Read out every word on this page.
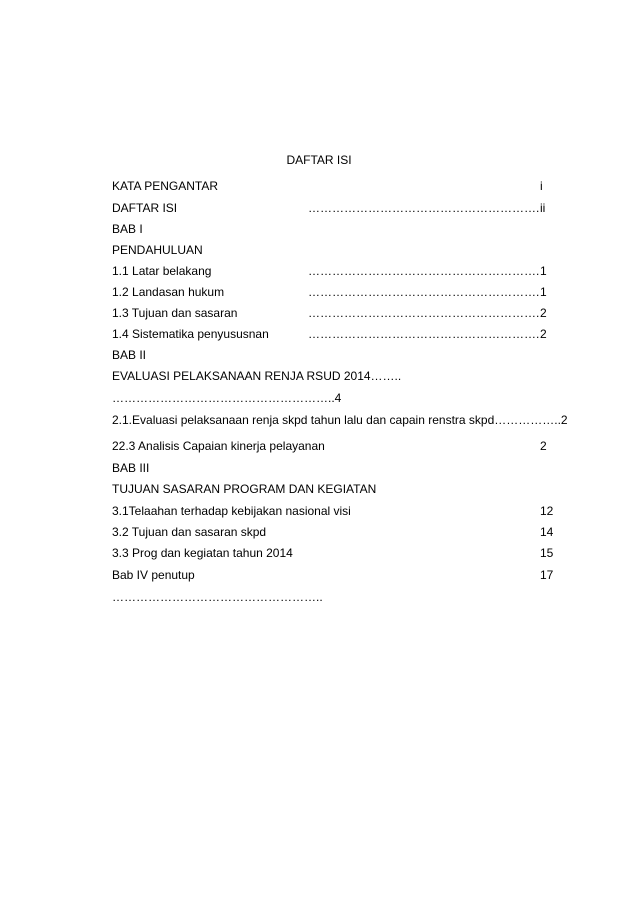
DAFTAR ISI
KATA PENGANTAR	i
DAFTAR ISI	…………………………………………………. ii
BAB I
PENDAHULUAN
1.1 Latar belakang	…………………………………………………. 1
1.2 Landasan hukum	…………………………………………………. 1
1.3 Tujuan dan sasaran	…………………………………………………. 2
1.4 Sistematika penyususnan	…………………………………………………. 2
BAB II
EVALUASI PELAKSANAAN RENJA RSUD 2014……..
………………………………………………..4
2.1.Evaluasi pelaksanaan renja skpd tahun lalu dan capain renstra skpd……………..2
22.3 Analisis Capaian kinerja pelayanan	2
BAB III
TUJUAN SASARAN PROGRAM DAN KEGIATAN
3.1Telaahan terhadap kebijakan nasional visi	12
3.2 Tujuan dan sasaran skpd	14
3.3 Prog dan kegiatan tahun 2014	15
Bab IV penutup	17
……………………………………………..
